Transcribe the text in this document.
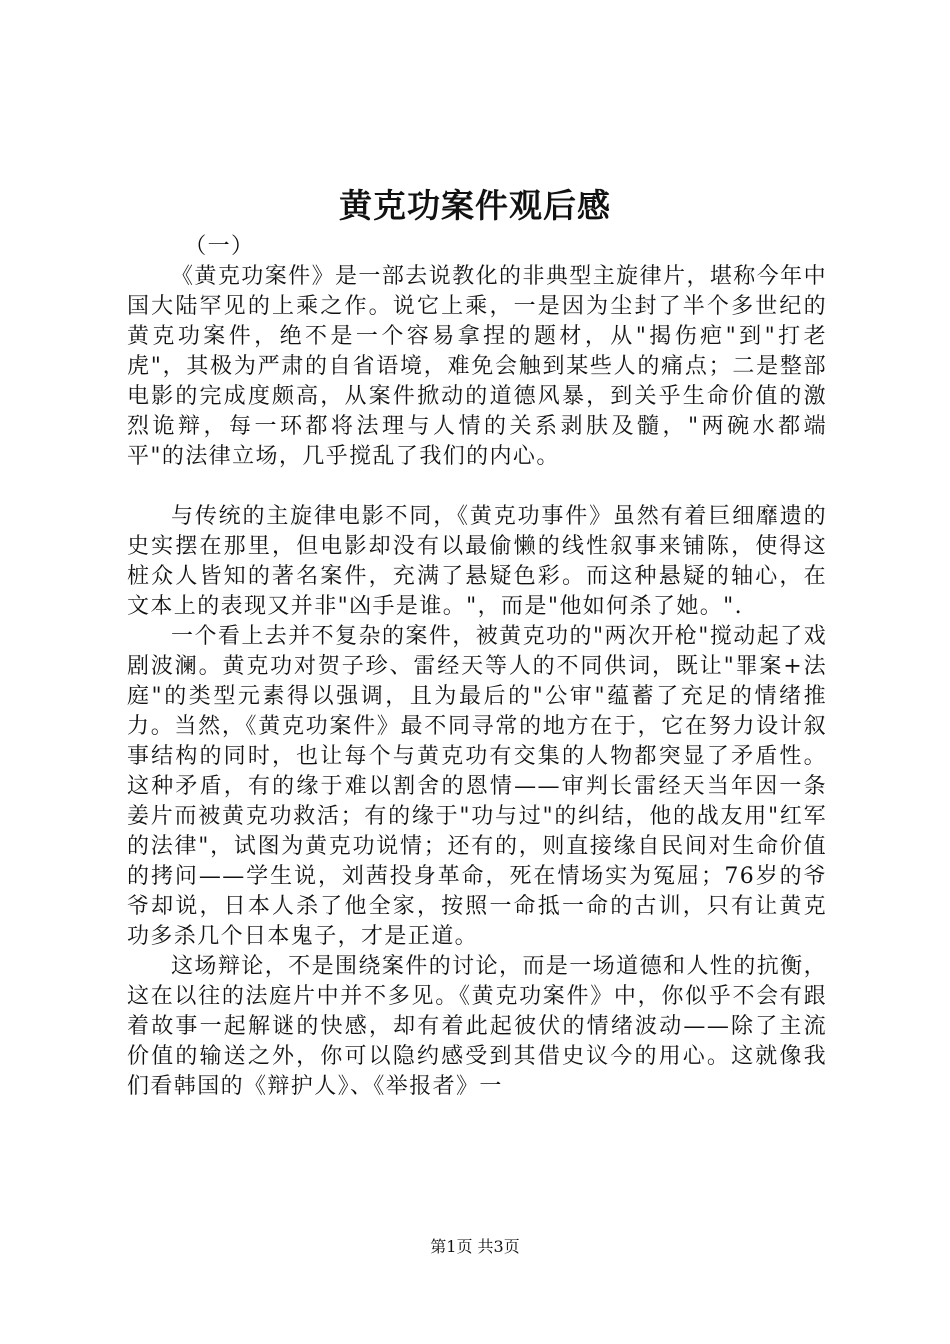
黄克功案件观后感

（一）

《黄克功案件》是一部去说教化的非典型主旋律片，堪称今年中国大陆罕见的上乘之作。说它上乘，一是因为尘封了半个多世纪的黄克功案件，绝不是一个容易拿捏的题材，从"揭伤疤"到"打老虎"，其极为严肃的自省语境，难免会触到某些人的痛点；二是整部电影的完成度颇高，从案件掀动的道德风暴，到关乎生命价值的激烈诡辩，每一环都将法理与人情的关系剥肤及髓，"两碗水都端平"的法律立场，几乎搅乱了我们的内心。

与传统的主旋律电影不同，《黄克功事件》虽然有着巨细靡遗的史实摆在那里，但电影却没有以最偷懒的线性叙事来铺陈，使得这桩众人皆知的著名案件，充满了悬疑色彩。而这种悬疑的轴心，在文本上的表现又并非"凶手是谁。"，而是"他如何杀了她。".

一个看上去并不复杂的案件，被黄克功的"两次开枪"搅动起了戏剧波澜。黄克功对贺子珍、雷经天等人的不同供词，既让"罪案+法庭"的类型元素得以强调，且为最后的"公审"蕴蓄了充足的情绪推力。当然，《黄克功案件》最不同寻常的地方在于，它在努力设计叙事结构的同时，也让每个与黄克功有交集的人物都突显了矛盾性。这种矛盾，有的缘于难以割舍的恩情——审判长雷经天当年因一条姜片而被黄克功救活；有的缘于"功与过"的纠结，他的战友用"红军的法律"，试图为黄克功说情；还有的，则直接缘自民间对生命价值的拷问——学生说，刘茜投身革命，死在情场实为冤屈；76岁的爷爷却说，日本人杀了他全家，按照一命抵一命的古训，只有让黄克功多杀几个日本鬼子，才是正道。

这场辩论，不是围绕案件的讨论，而是一场道德和人性的抗衡，这在以往的法庭片中并不多见。《黄克功案件》中，你似乎不会有跟着故事一起解谜的快感，却有着此起彼伏的情绪波动——除了主流价值的输送之外，你可以隐约感受到其借史议今的用心。这就像我们看韩国的《辩护人》、《举报者》一

第1页 共3页
